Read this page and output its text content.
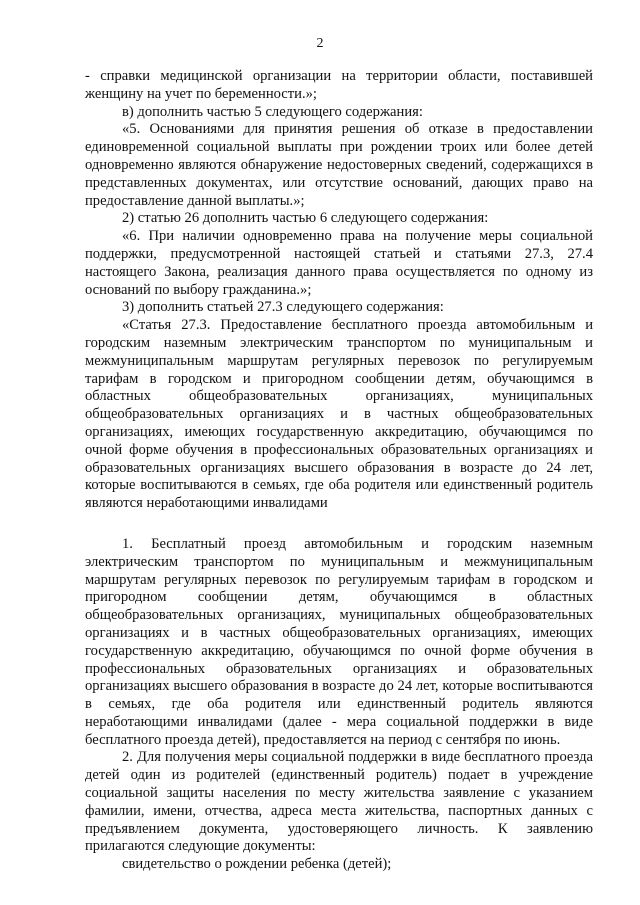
2

- справки медицинской организации на территории области, поставившей женщину на учет по беременности.»;

в) дополнить частью 5 следующего содержания:

«5. Основаниями для принятия решения об отказе в предоставлении единовременной социальной выплаты при рождении троих или более детей одновременно являются обнаружение недостоверных сведений, содержащихся в представленных документах, или отсутствие оснований, дающих право на предоставление данной выплаты.»;

2) статью 26 дополнить частью 6 следующего содержания:

«6. При наличии одновременно права на получение меры социальной поддержки, предусмотренной настоящей статьей и статьями 27.3, 27.4 настоящего Закона, реализация данного права осуществляется по одному из оснований по выбору гражданина.»;

3) дополнить статьей 27.3 следующего содержания:

«Статья 27.3. Предоставление бесплатного проезда автомобильным и городским наземным электрическим транспортом по муниципальным и межмуниципальным маршрутам регулярных перевозок по регулируемым тарифам в городском и пригородном сообщении детям, обучающимся в областных общеобразовательных организациях, муниципальных общеобразовательных организациях и в частных общеобразовательных организациях, имеющих государственную аккредитацию, обучающимся по очной форме обучения в профессиональных образовательных организациях и образовательных организациях высшего образования в возрасте до 24 лет, которые воспитываются в семьях, где оба родителя или единственный родитель являются неработающими инвалидами

1. Бесплатный проезд автомобильным и городским наземным электрическим транспортом по муниципальным и межмуниципальным маршрутам регулярных перевозок по регулируемым тарифам в городском и пригородном сообщении детям, обучающимся в областных общеобразовательных организациях, муниципальных общеобразовательных организациях и в частных общеобразовательных организациях, имеющих государственную аккредитацию, обучающимся по очной форме обучения в профессиональных образовательных организациях и образовательных организациях высшего образования в возрасте до 24 лет, которые воспитываются в семьях, где оба родителя или единственный родитель являются неработающими инвалидами (далее - мера социальной поддержки в виде бесплатного проезда детей), предоставляется на период с сентября по июнь.

2. Для получения меры социальной поддержки в виде бесплатного проезда детей один из родителей (единственный родитель) подает в учреждение социальной защиты населения по месту жительства заявление с указанием фамилии, имени, отчества, адреса места жительства, паспортных данных с предъявлением документа, удостоверяющего личность. К заявлению прилагаются следующие документы:

свидетельство о рождении ребенка (детей);
